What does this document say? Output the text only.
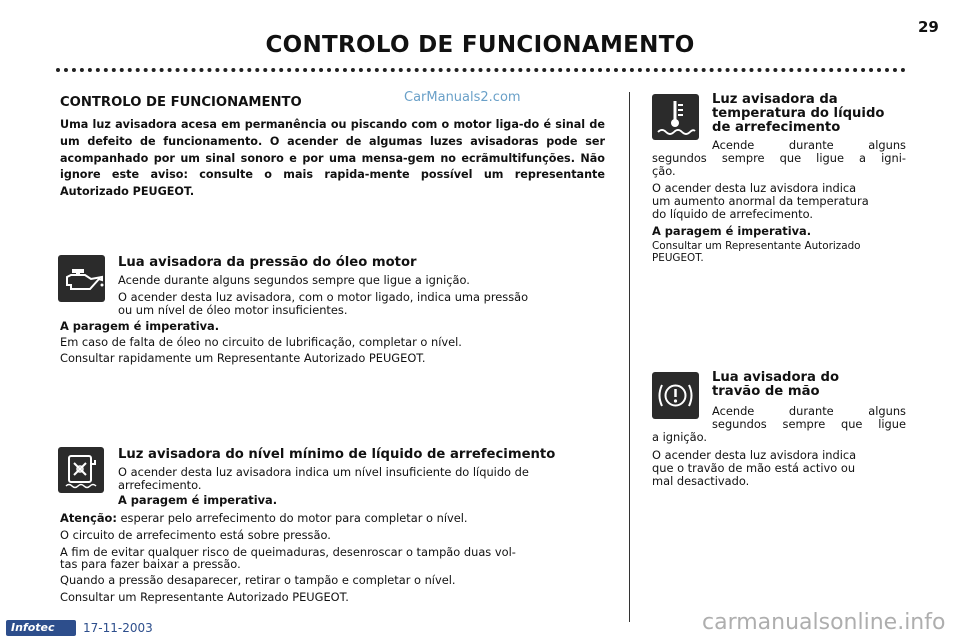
CONTROLO DE FUNCIONAMENTO
29
CONTROLO DE FUNCIONAMENTO	CarManuals2.com
Uma luz avisadora acesa em permanência ou piscando com o motor liga-do é sinal de um defeito de funcionamento. O acender de algumas luzes avisadoras pode ser acompanhado por um sinal sonoro e por uma mensa-gem no ecrãmultifunções. Não ignore este aviso: consulte o mais rapida-mente possível um representante Autorizado PEUGEOT.
Lua avisadora da pressão do óleo motor
Acende durante alguns segundos sempre que ligue a ignição.
O acender desta luz avisadora, com o motor ligado, indica uma pressão
ou um nível de óleo motor insuficientes.
A paragem é imperativa.
Em caso de falta de óleo no circuito de lubrificação, completar o nível.
Consultar rapidamente um Representante Autorizado PEUGEOT.
Luz avisadora do nível mínimo de líquido de arrefecimento
O acender desta luz avisadora indica um nível insuficiente do líquido de
arrefecimento.
A paragem é imperativa.
Atenção: esperar pelo arrefecimento do motor para completar o nível.
O circuito de arrefecimento está sobre pressão.
A fim de evitar qualquer risco de queimaduras, desenroscar o tampão duas vol-
tas para fazer baixar a pressão.
Quando a pressão desaparecer, retirar o tampão e completar o nível.
Consultar um Representante Autorizado PEUGEOT.
Luz avisadora da
temperatura do líquido
de arrefecimento
Acende durante alguns
segundos sempre que ligue a igni-
ção.
O acender desta luz avisdora indica
um aumento anormal da temperatura
do líquido de arrefecimento.
A paragem é imperativa.
Consultar um Representante Autorizado
PEUGEOT.
Lua avisadora do
travão de mão
Acende durante alguns
segundos sempre que ligue
a ignição.
O acender desta luz avisdora indica
que o travão de mão está activo ou
mal desactivado.
Infotec 17-11-2003	carmanualsonline.info
